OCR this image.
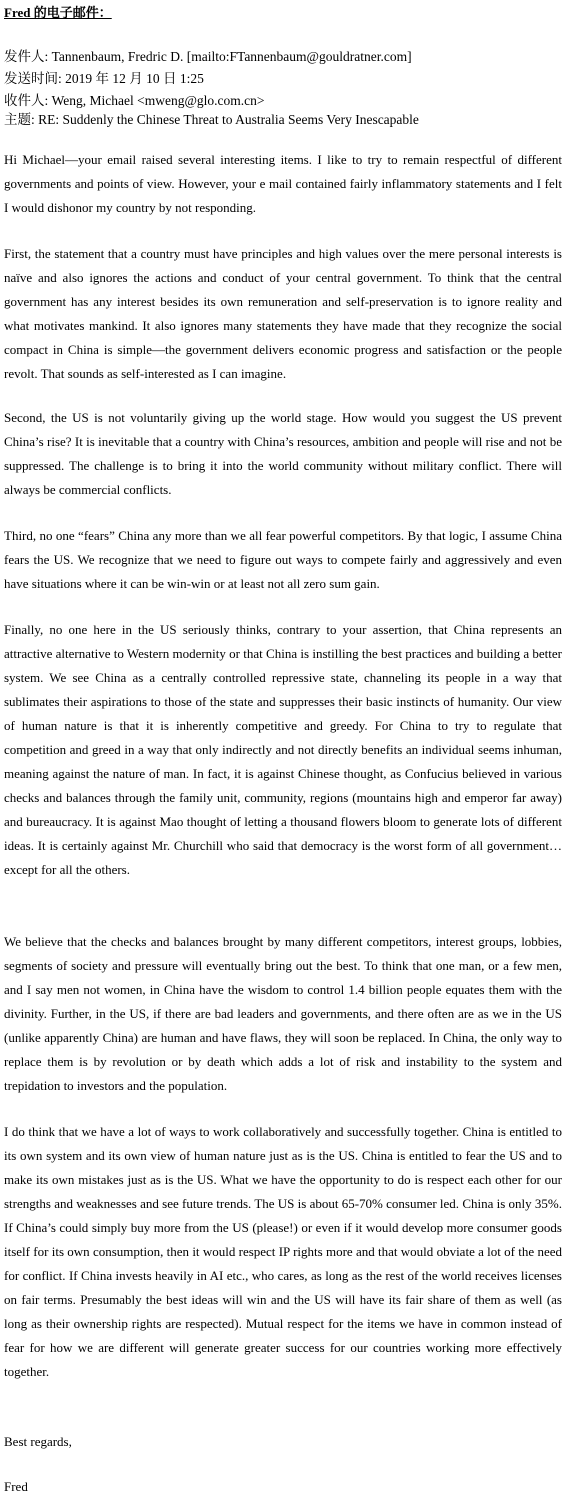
Fred 的电子邮件：
发件人: Tannenbaum, Fredric D. [mailto:FTannenbaum@gouldratner.com]
发送时间: 2019 年 12 月 10 日 1:25
收件人: Weng, Michael <mweng@glo.com.cn>
主题: RE: Suddenly the Chinese Threat to Australia Seems Very Inescapable

Hi Michael—your email raised several interesting items. I like to try to remain respectful of different governments and points of view. However, your e mail contained fairly inflammatory statements and I felt I would dishonor my country by not responding.

First, the statement that a country must have principles and high values over the mere personal interests is naïve and also ignores the actions and conduct of your central government. To think that the central government has any interest besides its own remuneration and self-preservation is to ignore reality and what motivates mankind. It also ignores many statements they have made that they recognize the social compact in China is simple—the government delivers economic progress and satisfaction or the people revolt. That sounds as self-interested as I can imagine.

Second, the US is not voluntarily giving up the world stage. How would you suggest the US prevent China’s rise? It is inevitable that a country with China’s resources, ambition and people will rise and not be suppressed. The challenge is to bring it into the world community without military conflict. There will always be commercial conflicts.

Third, no one “fears” China any more than we all fear powerful competitors. By that logic, I assume China fears the US. We recognize that we need to figure out ways to compete fairly and aggressively and even have situations where it can be win-win or at least not all zero sum gain.

Finally, no one here in the US seriously thinks, contrary to your assertion, that China represents an attractive alternative to Western modernity or that China is instilling the best practices and building a better system. We see China as a centrally controlled repressive state, channeling its people in a way that sublimates their aspirations to those of the state and suppresses their basic instincts of humanity. Our view of human nature is that it is inherently competitive and greedy. For China to try to regulate that competition and greed in a way that only indirectly and not directly benefits an individual seems inhuman, meaning against the nature of man. In fact, it is against Chinese thought, as Confucius believed in various checks and balances through the family unit, community, regions (mountains high and emperor far away) and bureaucracy. It is against Mao thought of letting a thousand flowers bloom to generate lots of different ideas. It is certainly against Mr. Churchill who said that democracy is the worst form of all government…except for all the others.

We believe that the checks and balances brought by many different competitors, interest groups, lobbies, segments of society and pressure will eventually bring out the best. To think that one man, or a few men, and I say men not women, in China have the wisdom to control 1.4 billion people equates them with the divinity. Further, in the US, if there are bad leaders and governments, and there often are as we in the US (unlike apparently China) are human and have flaws, they will soon be replaced. In China, the only way to replace them is by revolution or by death which adds a lot of risk and instability to the system and trepidation to investors and the population.

I do think that we have a lot of ways to work collaboratively and successfully together. China is entitled to its own system and its own view of human nature just as is the US. China is entitled to fear the US and to make its own mistakes just as is the US. What we have the opportunity to do is respect each other for our strengths and weaknesses and see future trends. The US is about 65-70% consumer led. China is only 35%. If China’s could simply buy more from the US (please!) or even if it would develop more consumer goods itself for its own consumption, then it would respect IP rights more and that would obviate a lot of the need for conflict. If China invests heavily in AI etc., who cares, as long as the rest of the world receives licenses on fair terms. Presumably the best ideas will win and the US will have its fair share of them as well (as long as their ownership rights are respected). Mutual respect for the items we have in common instead of fear for how we are different will generate greater success for our countries working more effectively together.

Best regards,
Fred
